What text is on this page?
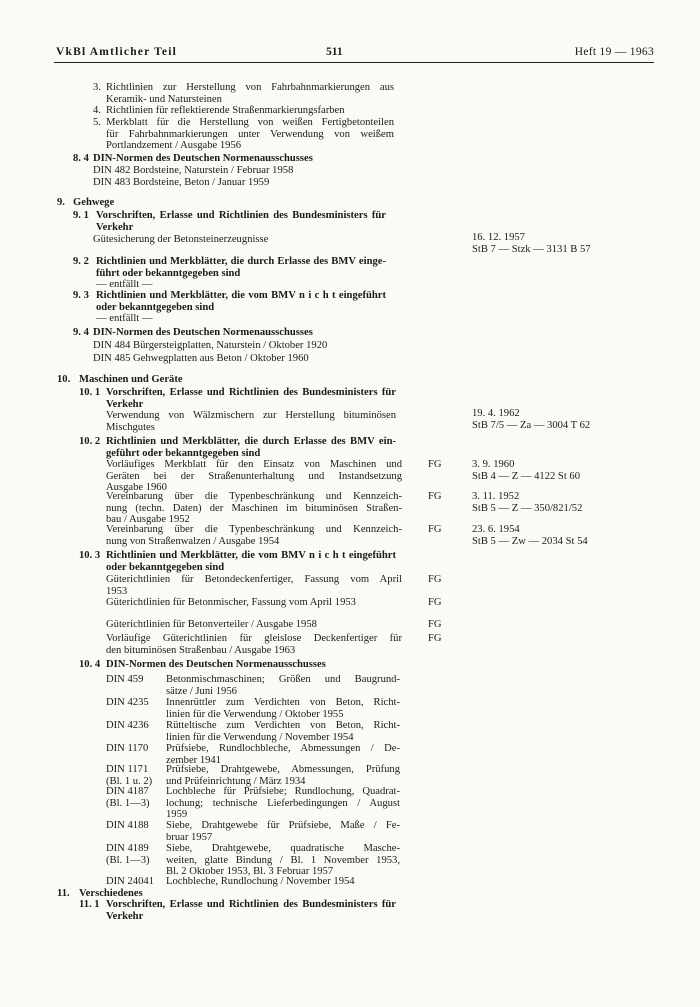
VkBl Amtlicher Teil	511	Heft 19 — 1963
3. Richtlinien zur Herstellung von Fahrbahnmarkierungen aus
Keramik- und Natursteinen
4. Richtlinien für reflektierende Straßenmarkierungsfarben
5. Merkblatt für die Herstellung von weißen Fertigbetonteilen
für Fahrbahnmarkierungen unter Verwendung von weißem
Portlandzement / Ausgabe 1956
8. 4 DIN-Normen des Deutschen Normenausschusses
DIN 482 Bordsteine, Naturstein / Februar 1958
DIN 483 Bordsteine, Beton / Januar 1959
9. Gehwege
9. 1 Vorschriften, Erlasse und Richtlinien des Bundesministers für
Verkehr
Gütesicherung der Betonsteinerzeugnisse	16. 12. 1957
StB 7 — Stzk — 3131 B 57
9. 2 Richtlinien und Merkblätter, die durch Erlasse des BMV einge-
führt oder bekanntgegeben sind
— entfällt —
9. 3 Richtlinien und Merkblätter, die vom BMV n i c h t eingeführt
oder bekanntgegeben sind
— entfällt —
9. 4 DIN-Normen des Deutschen Normenausschusses
DIN 484 Bürgersteigplatten, Naturstein / Oktober 1920
DIN 485 Gehwegplatten aus Beton / Oktober 1960
10. Maschinen und Geräte
10. 1 Vorschriften, Erlasse und Richtlinien des Bundesministers für
Verkehr
Verwendung von Wälzmischern zur Herstellung bituminösen
Mischgutes
19. 4. 1962
StB 7/5 — Za — 3004 T 62
10. 2 Richtlinien und Merkblätter, die durch Erlasse des BMV ein-
geführt oder bekanntgegeben sind
Vorläufiges Merkblatt für den Einsatz von Maschinen und
Geräten bei der Straßenunterhaltung und Instandsetzung
Ausgabe 1960
FG	3. 9. 1960
StB 4 — Z — 4122 St 60
Vereinbarung über die Typenbeschränkung und Kennzeich-
nung (techn. Daten) der Maschinen im bituminösen Straßen-
bau / Ausgabe 1952
FG	3. 11. 1952
StB 5 — Z — 350/821/52
Vereinbarung über die Typenbeschränkung und Kennzeich-
nung von Straßenwalzen / Ausgabe 1954
FG	23. 6. 1954
StB 5 — Zw — 2034 St 54
10. 3 Richtlinien und Merkblätter, die vom BMV n i c h t eingeführt
oder bekanntgegeben sind
Güterichtlinien für Betondeckenfertiger, Fassung vom April
1953
FG
Güterichtlinien für Betonmischer, Fassung vom April 1953	FG
Güterichtlinien für Betonverteiler / Ausgabe 1958	FG
Vorläufige Güterichtlinien für gleislose Deckenfertiger für
den bituminösen Straßenbau / Ausgabe 1963
FG
10. 4 DIN-Normen des Deutschen Normenausschusses
DIN 459 Betonmischmaschinen; Größen und Baugrund-
sätze / Juni 1956
DIN 4235 Innenrüttler zum Verdichten von Beton, Richt-
linien für die Verwendung / Oktober 1955
DIN 4236 Rütteltische zum Verdichten von Beton, Richt-
linien für die Verwendung / November 1954
DIN 1170 Prüfsiebe, Rundlochbleche, Abmessungen / De-
zember 1941
DIN 1171
(Bl. 1 u. 2)
Prüfsiebe, Drahtgewebe, Abmessungen, Prüfung
und Prüfeinrichtung / März 1934
DIN 4187
(Bl. 1—3)
Lochbleche für Prüfsiebe; Rundlochung, Quadrat-
lochung; technische Lieferbedingungen / August
1959
DIN 4188 Siebe, Drahtgewebe für Prüfsiebe, Maße / Fe-
bruar 1957
DIN 4189
(Bl. 1—3)
Siebe, Drahtgewebe, quadratische Masche-
weiten, glatte Bindung / Bl. 1 November 1953,
Bl. 2 Oktober 1953, Bl. 3 Februar 1957
DIN 24041 Lochbleche, Rundlochung / November 1954
11. Verschiedenes
11. 1 Vorschriften, Erlasse und Richtlinien des Bundesministers für
Verkehr
